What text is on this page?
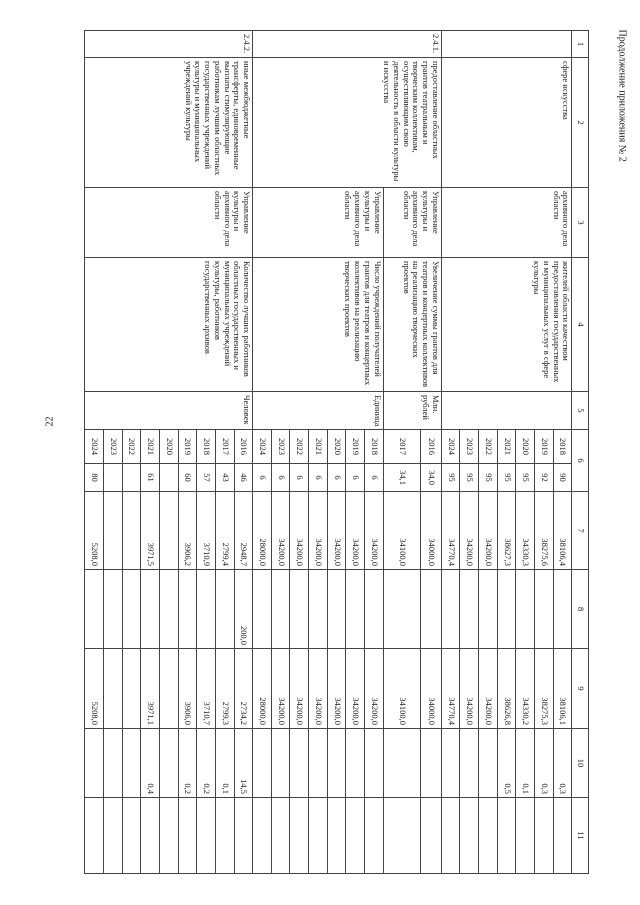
22
Продолжение приложения № 2
1	2	3	4	5	6		7	8	9	10	11
	сфере искусства	архивного дела области	жителей области качеством предоставления государственных и муниципальных услуг в сфере культуры		2018	90	38106,4		38106,1	0,3	
					2019	92	38275,6		38275,3	0,3	
					2020	95	34330,3		34330,2	0,1	
					2021	95	38627,3		38626,8	0,5	
					2022	95	34200,0		34200,0		
					2023	95	34200,0		34200,0		
					2024	95	34770,4		34770,4		
2.4.1.	предоставление областных грантов театральным и творческим коллективам, осуществляющим свою деятельность в области культуры и искусства	Управление культуры и архивного дела области	Увеличение суммы грантов для театров и концертных коллективов на реализацию творческих проектов	Млн. рублей	2016	34,0	34000,0		34000,0		
					2017	34,1	34100,0		34100,0		
		Управление культуры и архивного дела области	Число учреждений получателей грантов для театров и концертных коллективов на реализацию творческих проектов	Единица	2018	6	34200,0		34200,0		
					2019	6	34200,0		34200,0		
					2020	6	34200,0		34200,0		
					2021	6	34200,0		34200,0		
					2022	6	34200,0		34200,0		
					2023	6	34200,0		34200,0		
					2024	6	28000,0		28000,0		
2.4.2.	иные межбюджетные трансферты, единовременные выплаты стимулирующие работникам лучшим областных государственных учреждений культуры и муниципальных учреждений культуры	Управление культуры и архивного дела области	Количество лучших работников областных государственных и муниципальных учреждений культуры, работников государственных архивов	Человек	2016	46	2948,7	200,0	2734,2	14,5	
					2017	43	2799,4		2799,3	0,1	
					2018	57	3710,9		3710,7	0,2	
					2019	60	3906,2		3906,0	0,2	
					2020						
					2021	61	3971,5		3971,1	0,4	
					2022						
					2023						
					2024	80	5208,0		5208,0		
